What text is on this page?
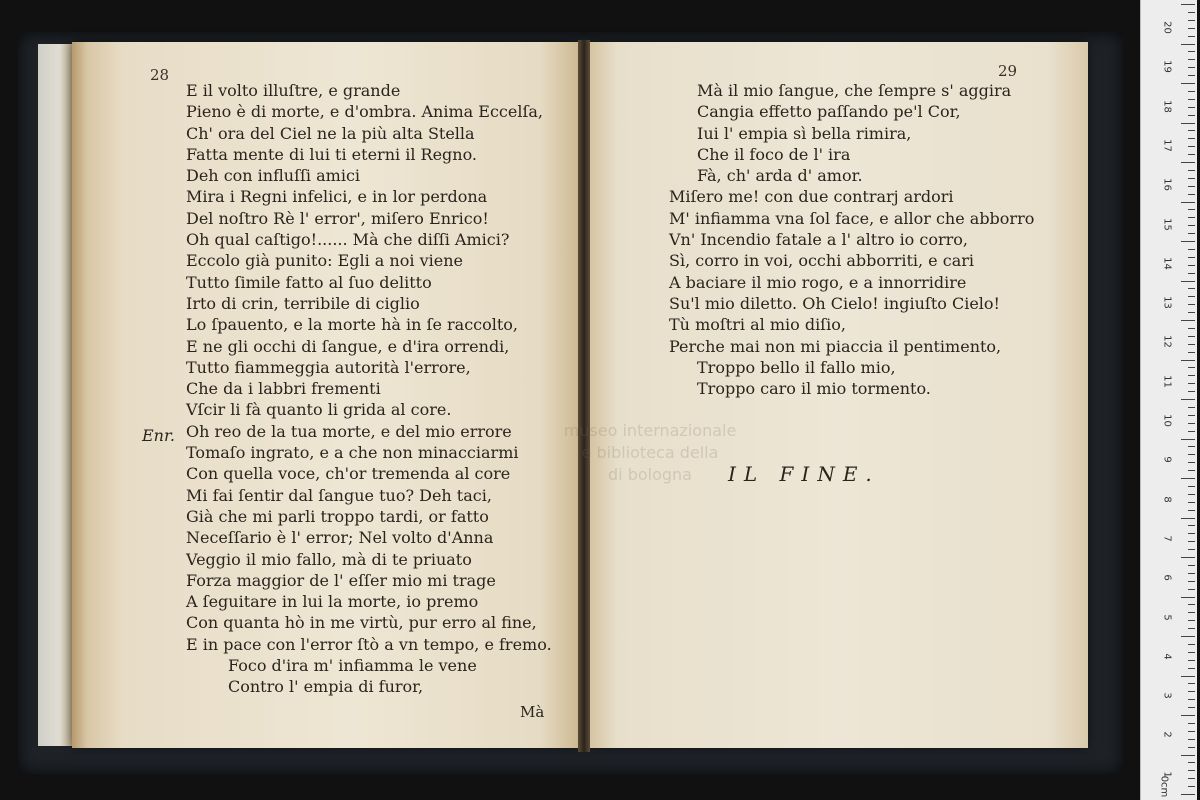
28
E il volto illuſtre, e grande
Pieno è di morte, e d'ombra. Anima Eccelſa,
Ch' ora del Ciel ne la più alta Stella
Fatta mente di lui ti eterni il Regno.
Deh con influſſi amici
Mira i Regni infelici, e in lor perdona
Del noſtro Rè l' error', miſero Enrico!
Oh qual caſtigo!...... Mà che diſſi Amici?
Eccolo già punito: Egli a noi viene
Tutto ſimile fatto al ſuo delitto
Irto di crin, terribile di ciglio
Lo ſpauento, e la morte hà in ſe raccolto,
E ne gli occhi di ſangue, e d'ira orrendi,
Tutto fiammeggia autorità l'errore,
Che da i labbri frementi
Vſcir li fà quanto li grida al core.
Oh reo de la tua morte, e del mio errore
Tomaſo ingrato, e a che non minacciarmi
Con quella voce, ch'or tremenda al core
Mi fai ſentir dal ſangue tuo? Deh taci,
Già che mi parli troppo tardi, or fatto
Neceſſario è l' error; Nel volto d'Anna
Veggio il mio fallo, mà di te priuato
Forza maggior de l' eſſer mio mi trage
A ſeguitare in lui la morte, io premo
Con quanta hò in me virtù, pur erro al fine,
E in pace con l'error ſtò a vn tempo, e fremo.
Foco d'ira m' infiamma le vene
Contro l' empia di furor,
Enr.
Mà
29
Mà il mio ſangue, che ſempre s' aggira
Cangia effetto paſſando pe'l Cor,
Iui l' empia sì bella rimira,
Che il foco de l' ira
Fà, ch' arda d' amor.
Miſero me! con due contrarj ardori
M' infiamma vna ſol face, e allor che abborro
Vn' Incendio fatale a l' altro io corro,
Sì, corro in voi, occhi abborriti, e cari
A baciare il mio rogo, e a innorridire
Su'l mio diletto. Oh Cielo! ingiuſto Cielo!
Tù moſtri al mio diſio,
Perche mai non mi piaccia il pentimento,
Troppo bello il fallo mio,
Troppo caro il mio tormento.
IL FINE.
museo internazionale
e biblioteca della
di bologna
0cm
20
19
18
17
16
15
14
13
12
11
10
9
8
7
6
5
4
3
2
1
